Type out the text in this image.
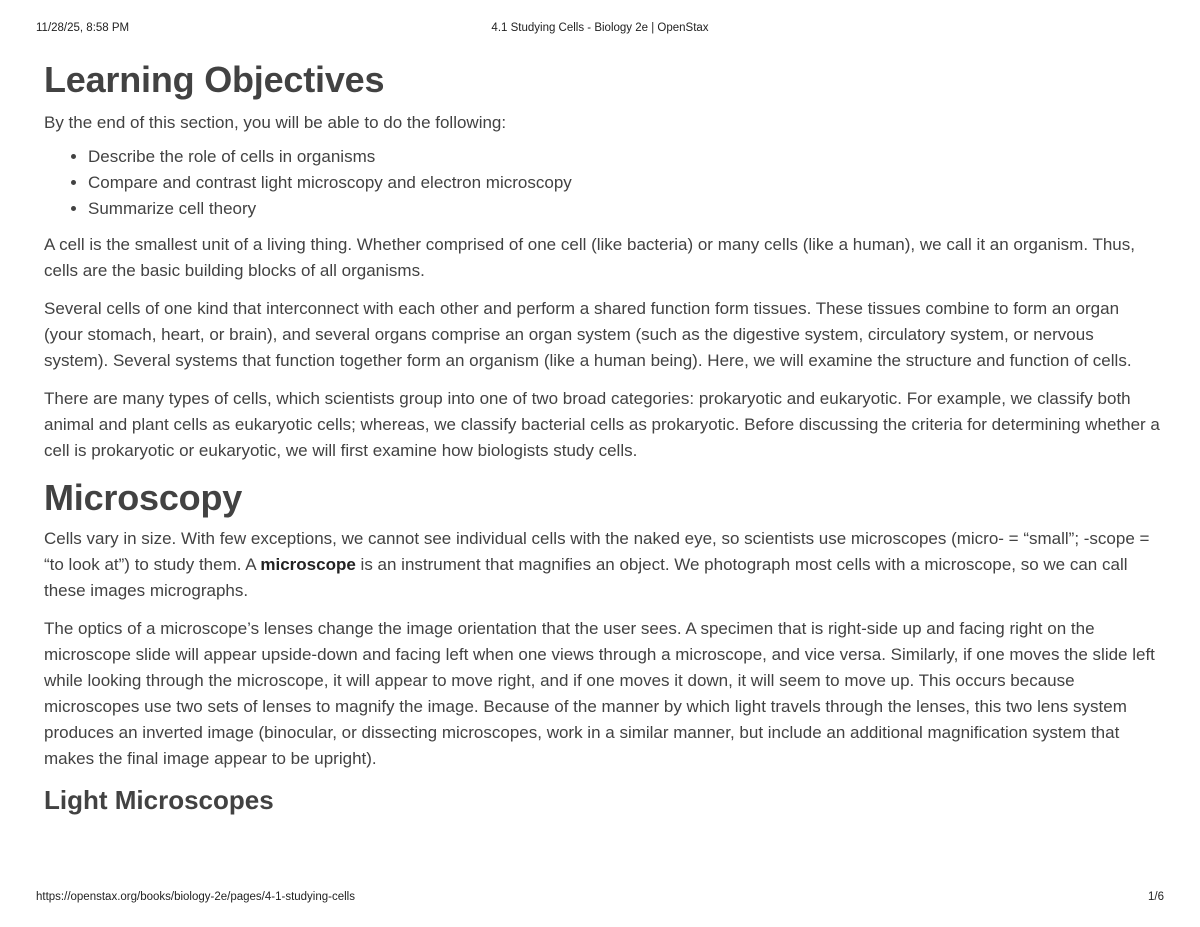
11/28/25, 8:58 PM	4.1 Studying Cells - Biology 2e | OpenStax
Learning Objectives

By the end of this section, you will be able to do the following:

• Describe the role of cells in organisms
• Compare and contrast light microscopy and electron microscopy
• Summarize cell theory

A cell is the smallest unit of a living thing. Whether comprised of one cell (like bacteria) or many cells (like a human), we call it an organism. Thus, cells are the basic building blocks of all organisms.

Several cells of one kind that interconnect with each other and perform a shared function form tissues. These tissues combine to form an organ (your stomach, heart, or brain), and several organs comprise an organ system (such as the digestive system, circulatory system, or nervous system). Several systems that function together form an organism (like a human being). Here, we will examine the structure and function of cells.

There are many types of cells, which scientists group into one of two broad categories: prokaryotic and eukaryotic. For example, we classify both animal and plant cells as eukaryotic cells; whereas, we classify bacterial cells as prokaryotic. Before discussing the criteria for determining whether a cell is prokaryotic or eukaryotic, we will first examine how biologists study cells.

Microscopy

Cells vary in size. With few exceptions, we cannot see individual cells with the naked eye, so scientists use microscopes (micro- = “small”; -scope = “to look at”) to study them. A microscope is an instrument that magnifies an object. We photograph most cells with a microscope, so we can call these images micrographs.

The optics of a microscope’s lenses change the image orientation that the user sees. A specimen that is right-side up and facing right on the microscope slide will appear upside-down and facing left when one views through a microscope, and vice versa. Similarly, if one moves the slide left while looking through the microscope, it will appear to move right, and if one moves it down, it will seem to move up. This occurs because microscopes use two sets of lenses to magnify the image. Because of the manner by which light travels through the lenses, this two lens system produces an inverted image (binocular, or dissecting microscopes, work in a similar manner, but include an additional magnification system that makes the final image appear to be upright).

Light Microscopes
https://openstax.org/books/biology-2e/pages/4-1-studying-cells	1/6
